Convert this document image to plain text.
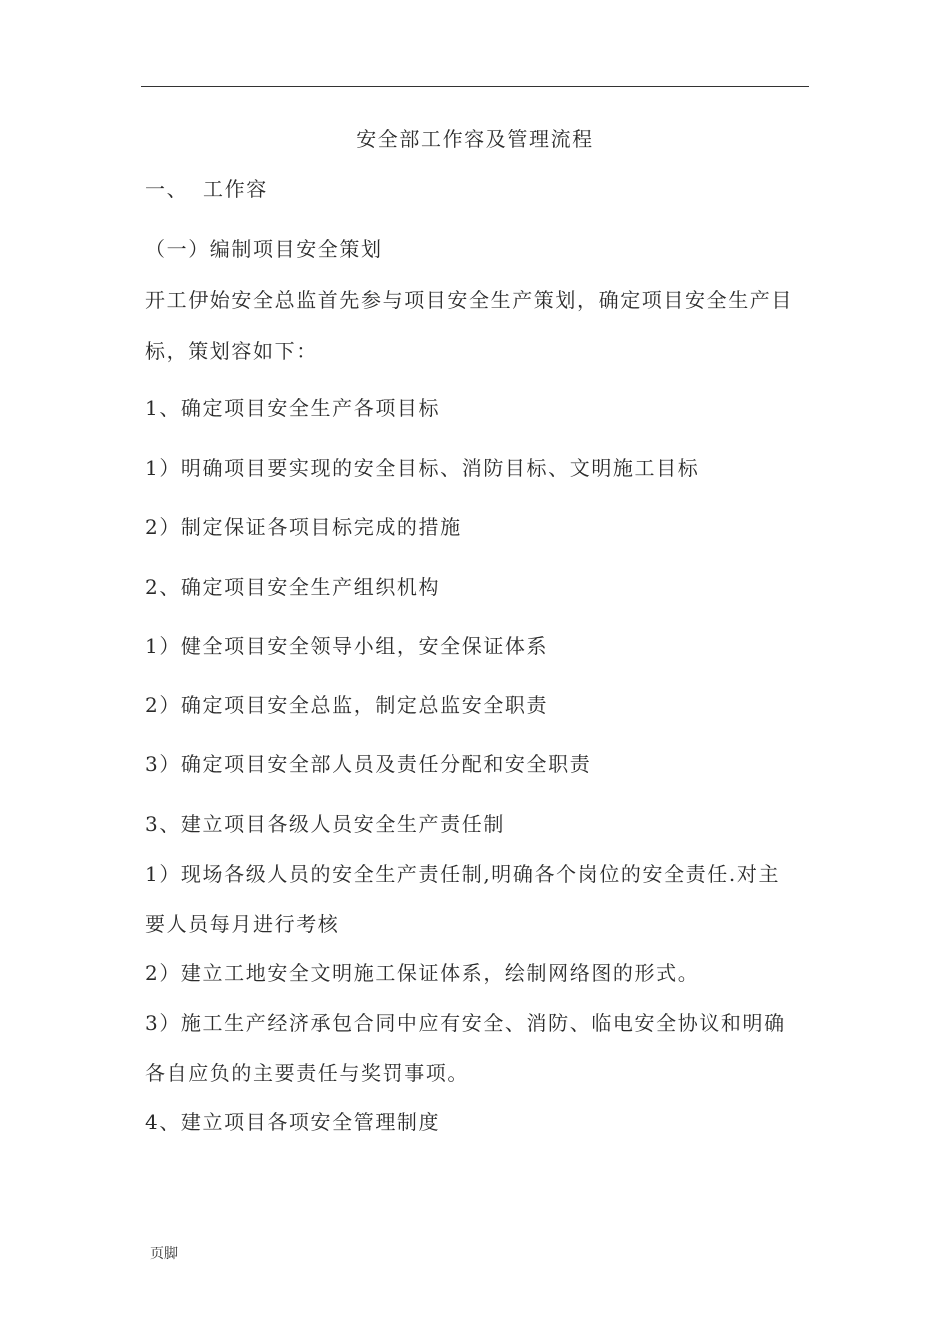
安全部工作容及管理流程
一、 工作容
（一）编制项目安全策划
开工伊始安全总监首先参与项目安全生产策划，确定项目安全生产目
标，策划容如下：
1、确定项目安全生产各项目标
1）明确项目要实现的安全目标、消防目标、文明施工目标
2）制定保证各项目标完成的措施
2、确定项目安全生产组织机构
1）健全项目安全领导小组，安全保证体系
2）确定项目安全总监，制定总监安全职责
3）确定项目安全部人员及责任分配和安全职责
3、建立项目各级人员安全生产责任制
1）现场各级人员的安全生产责任制,明确各个岗位的安全责任.对主
要人员每月进行考核
2）建立工地安全文明施工保证体系，绘制网络图的形式。
3）施工生产经济承包合同中应有安全、消防、临电安全协议和明确
各自应负的主要责任与奖罚事项。
4、建立项目各项安全管理制度
页脚
